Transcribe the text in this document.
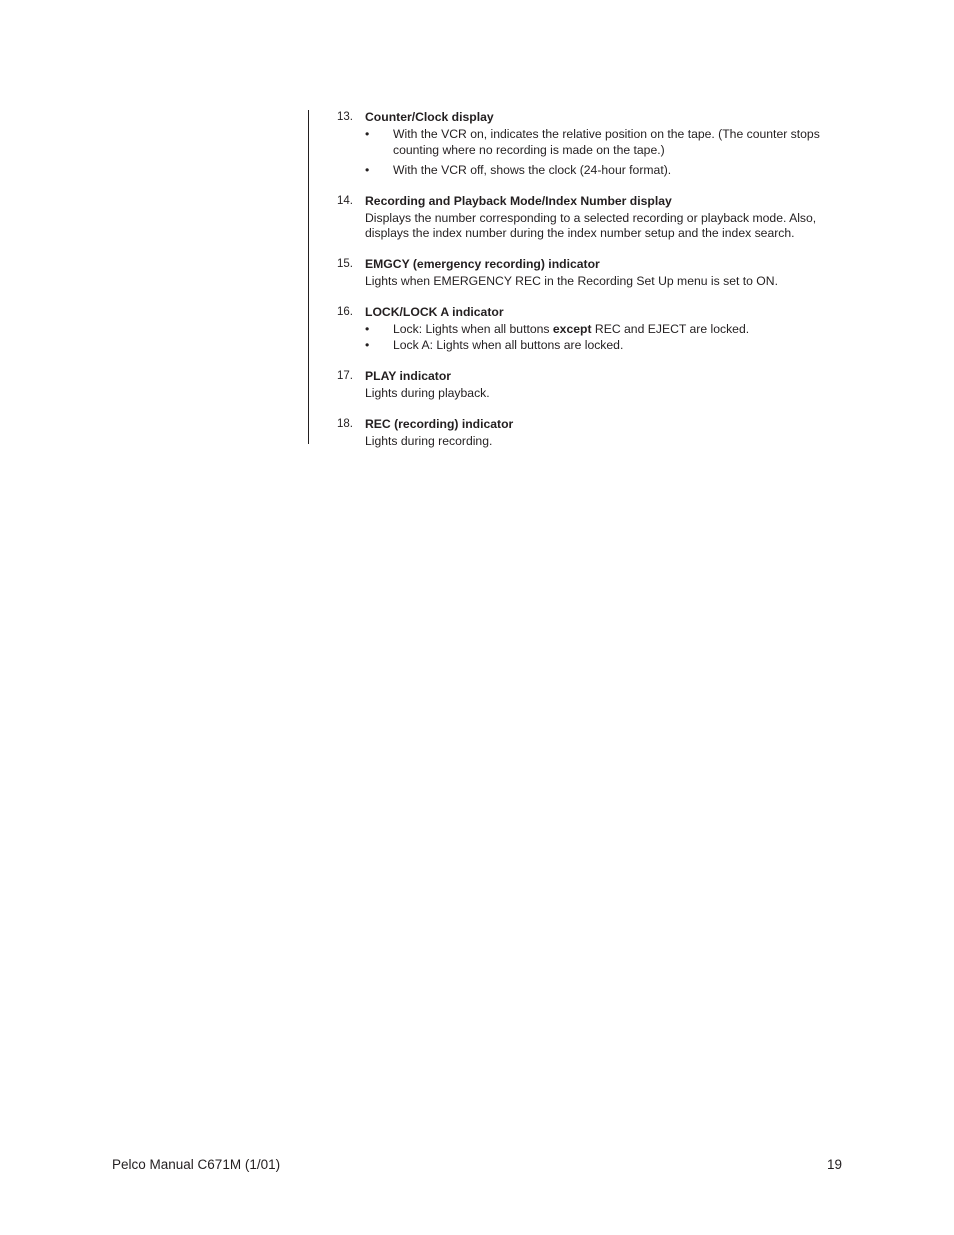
13. Counter/Clock display
• With the VCR on, indicates the relative position on the tape. (The counter stops counting where no recording is made on the tape.)
• With the VCR off, shows the clock (24-hour format).
14. Recording and Playback Mode/Index Number display
Displays the number corresponding to a selected recording or playback mode. Also, displays the index number during the index number setup and the index search.
15. EMGCY (emergency recording) indicator
Lights when EMERGENCY REC in the Recording Set Up menu is set to ON.
16. LOCK/LOCK A indicator
• Lock: Lights when all buttons except REC and EJECT are locked.
• Lock A: Lights when all buttons are locked.
17. PLAY indicator
Lights during playback.
18. REC (recording) indicator
Lights during recording.
Pelco Manual C671M (1/01)	19
